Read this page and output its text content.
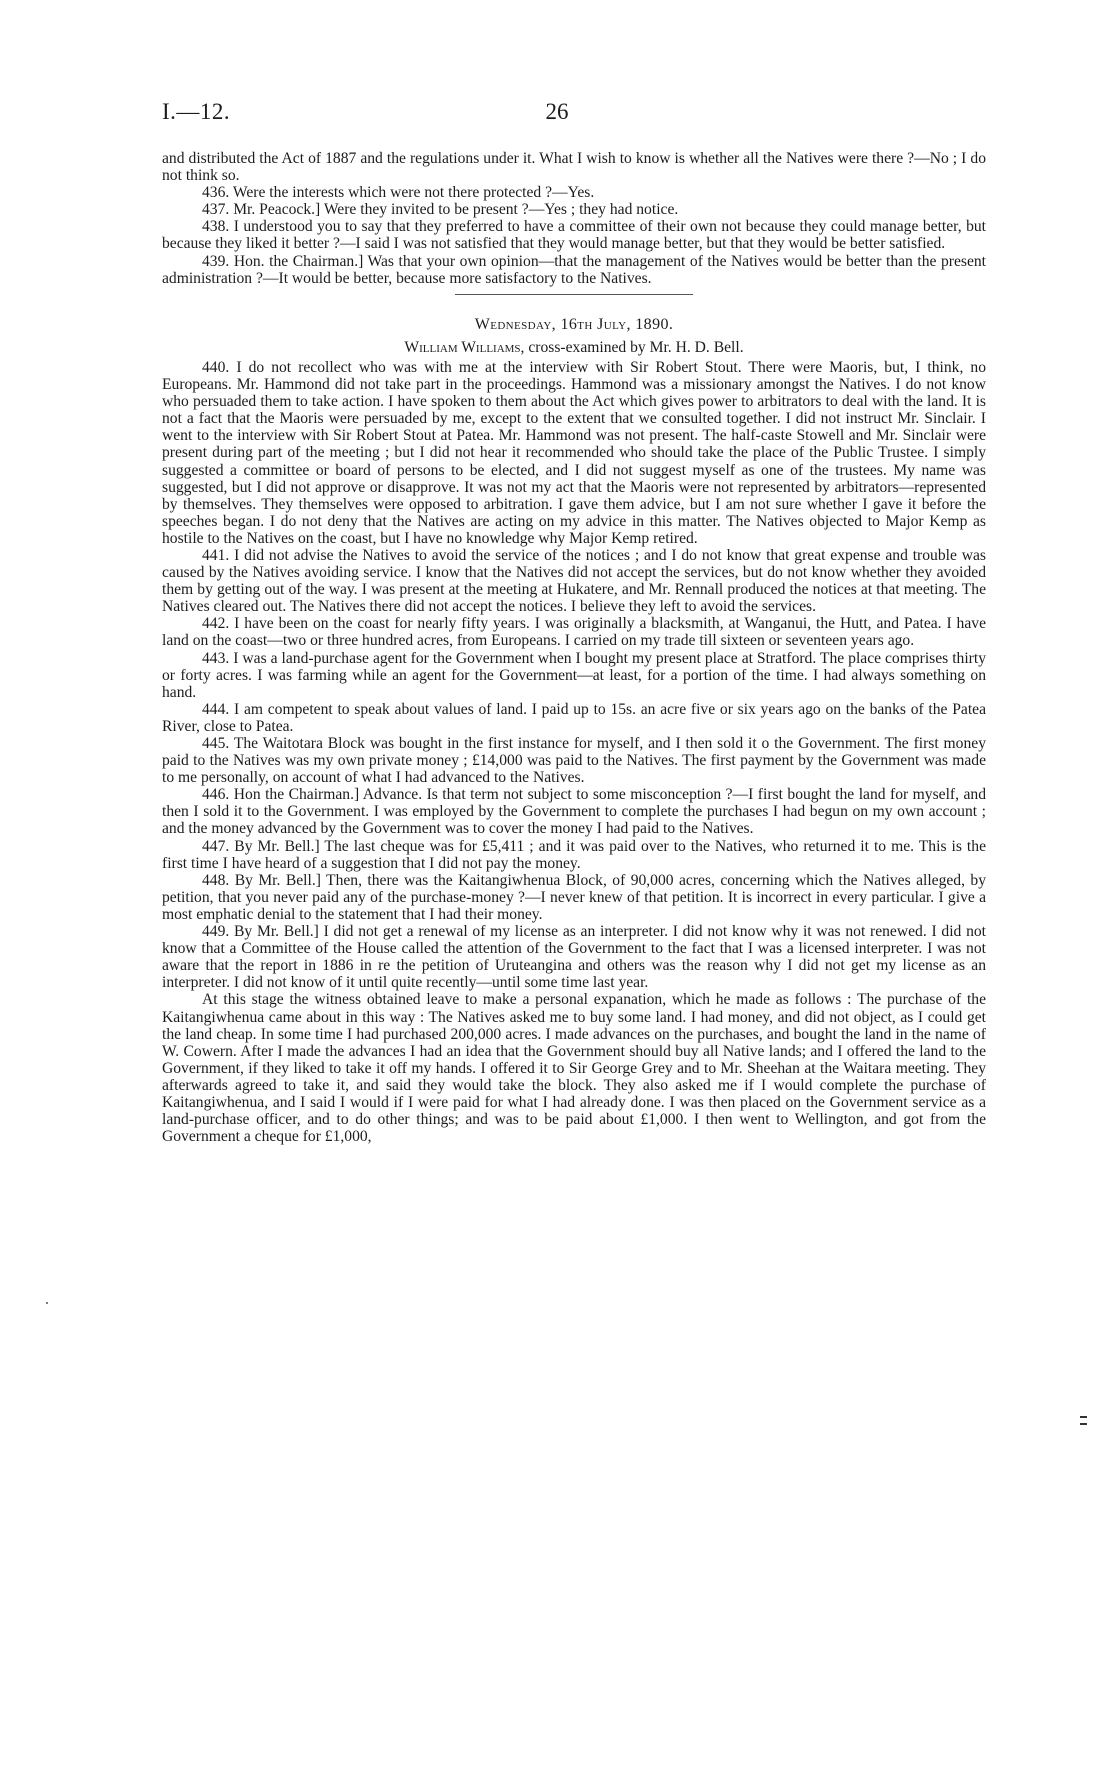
I.—12.	26

and distributed the Act of 1887 and the regulations under it. What I wish to know is whether all the Natives were there ?—No ; I do not think so.

436. Were the interests which were not there protected ?—Yes.

437. Mr. Peacock.] Were they invited to be present ?—Yes ; they had notice.

438. I understood you to say that they preferred to have a committee of their own not because they could manage better, but because they liked it better ?—I said I was not satisfied that they would manage better, but that they would be better satisfied.

439. Hon. the Chairman.] Was that your own opinion—that the management of the Natives would be better than the present administration ?—It would be better, because more satisfactory to the Natives.

Wednesday, 16th July, 1890.
William Williams, cross-examined by Mr. H. D. Bell.

440. I do not recollect who was with me at the interview with Sir Robert Stout. There were Maoris, but, I think, no Europeans. Mr. Hammond did not take part in the proceedings. Hammond was a missionary amongst the Natives. I do not know who persuaded them to take action. I have spoken to them about the Act which gives power to arbitrators to deal with the land. It is not a fact that the Maoris were persuaded by me, except to the extent that we consulted together. I did not instruct Mr. Sinclair. I went to the interview with Sir Robert Stout at Patea. Mr. Hammond was not present. The half-caste Stowell and Mr. Sinclair were present during part of the meeting ; but I did not hear it recommended who should take the place of the Public Trustee. I simply suggested a committee or board of persons to be elected, and I did not suggest myself as one of the trustees. My name was suggested, but I did not approve or disapprove. It was not my act that the Maoris were not represented by arbitrators—represented by themselves. They themselves were opposed to arbitration. I gave them advice, but I am not sure whether I gave it before the speeches began. I do not deny that the Natives are acting on my advice in this matter. The Natives objected to Major Kemp as hostile to the Natives on the coast, but I have no knowledge why Major Kemp retired.

441. I did not advise the Natives to avoid the service of the notices ; and I do not know that great expense and trouble was caused by the Natives avoiding service. I know that the Natives did not accept the services, but do not know whether they avoided them by getting out of the way. I was present at the meeting at Hukatere, and Mr. Rennall produced the notices at that meeting. The Natives cleared out. The Natives there did not accept the notices. I believe they left to avoid the services.

442. I have been on the coast for nearly fifty years. I was originally a blacksmith, at Wanganui, the Hutt, and Patea. I have land on the coast—two or three hundred acres, from Europeans. I carried on my trade till sixteen or seventeen years ago.

443. I was a land-purchase agent for the Government when I bought my present place at Stratford. The place comprises thirty or forty acres. I was farming while an agent for the Government—at least, for a portion of the time. I had always something on hand.

444. I am competent to speak about values of land. I paid up to 15s. an acre five or six years ago on the banks of the Patea River, close to Patea.

445. The Waitotara Block was bought in the first instance for myself, and I then sold it o the Government. The first money paid to the Natives was my own private money ; £14,000 was paid to the Natives. The first payment by the Government was made to me personally, on account of what I had advanced to the Natives.

446. Hon the Chairman.] Advance. Is that term not subject to some misconception ?—I first bought the land for myself, and then I sold it to the Government. I was employed by the Government to complete the purchases I had begun on my own account ; and the money advanced by the Government was to cover the money I had paid to the Natives.

447. By Mr. Bell.] The last cheque was for £5,411 ; and it was paid over to the Natives, who returned it to me. This is the first time I have heard of a suggestion that I did not pay the money.

448. By Mr. Bell.] Then, there was the Kaitangiwhenua Block, of 90,000 acres, concerning which the Natives alleged, by petition, that you never paid any of the purchase-money ?—I never knew of that petition. It is incorrect in every particular. I give a most emphatic denial to the statement that I had their money.

449. By Mr. Bell.] I did not get a renewal of my license as an interpreter. I did not know why it was not renewed. I did not know that a Committee of the House called the attention of the Government to the fact that I was a licensed interpreter. I was not aware that the report in 1886 in re the petition of Uruteangina and others was the reason why I did not get my license as an interpreter. I did not know of it until quite recently—until some time last year.

At this stage the witness obtained leave to make a personal expanation, which he made as follows : The purchase of the Kaitangiwhenua came about in this way : The Natives asked me to buy some land. I had money, and did not object, as I could get the land cheap. In some time I had purchased 200,000 acres. I made advances on the purchases, and bought the land in the name of W. Cowern. After I made the advances I had an idea that the Government should buy all Native lands; and I offered the land to the Government, if they liked to take it off my hands. I offered it to Sir George Grey and to Mr. Sheehan at the Waitara meeting. They afterwards agreed to take it, and said they would take the block. They also asked me if I would complete the purchase of Kaitangiwhenua, and I said I would if I were paid for what I had already done. I was then placed on the Government service as a land-purchase officer, and to do other things; and was to be paid about £1,000. I then went to Wellington, and got from the Government a cheque for £1,000,
